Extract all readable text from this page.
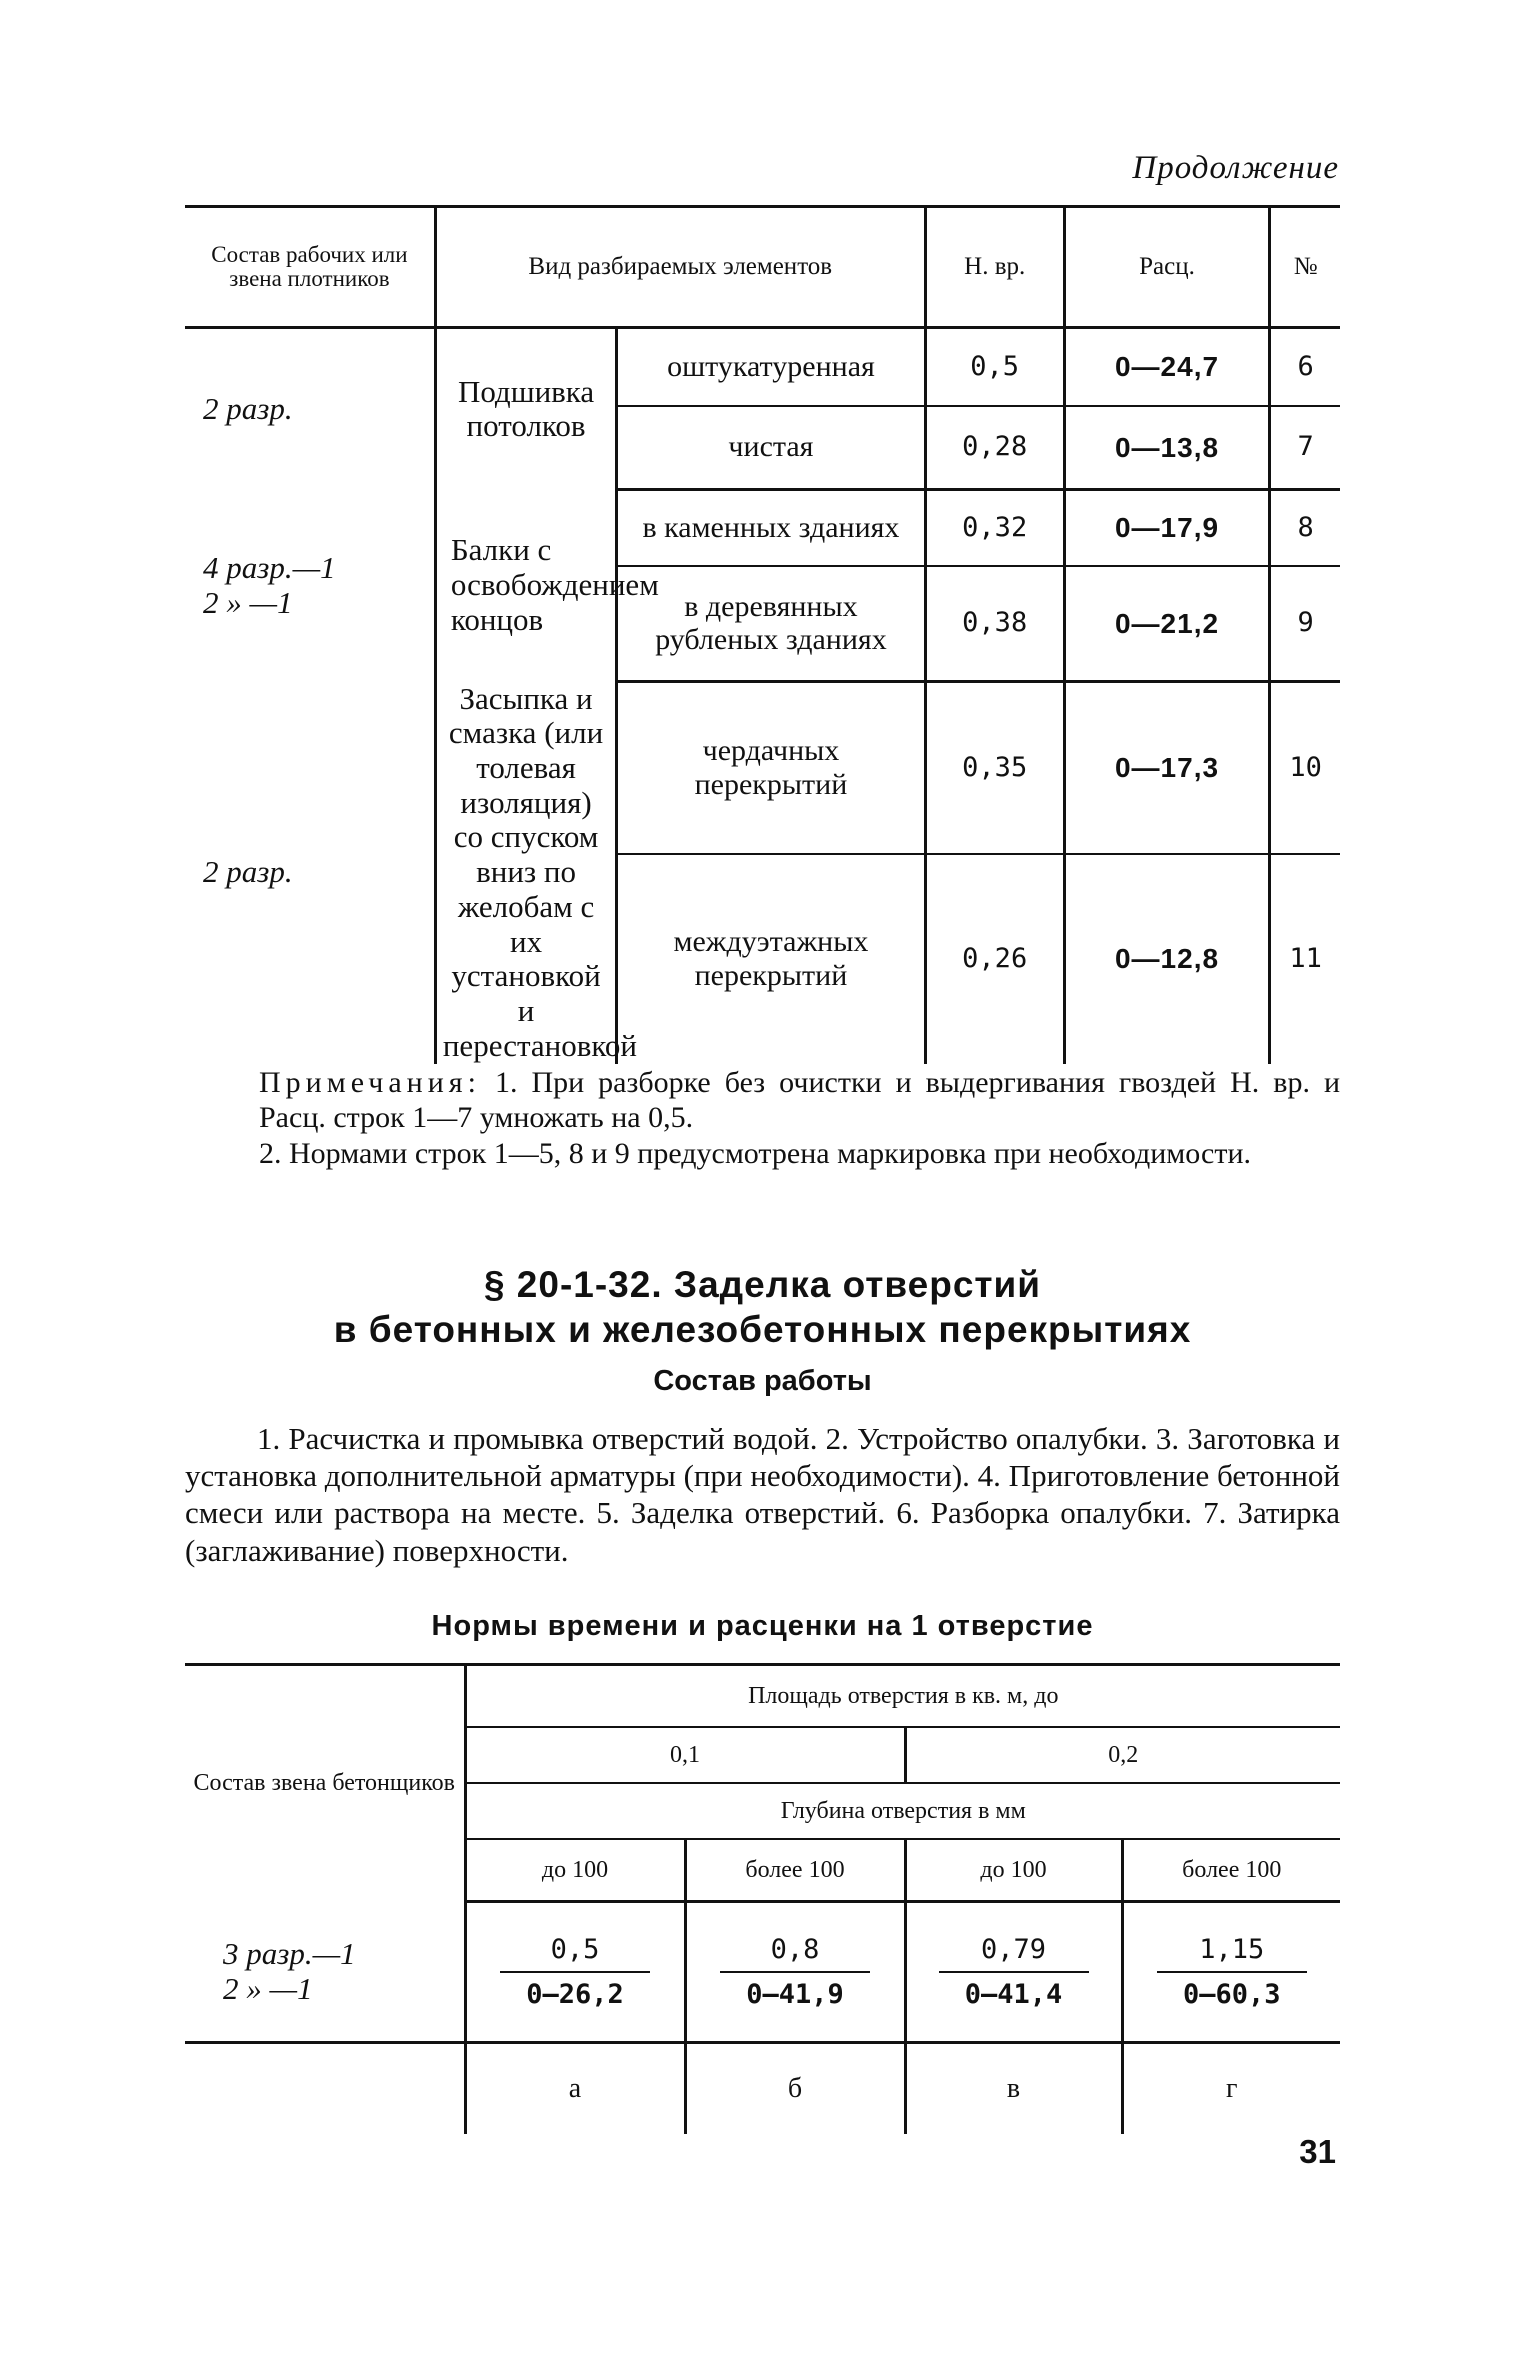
Продолжение
Состав рабочих или звена плотников	Вид разбираемых элементов		Н. вр.	Расц.	№
2 разр.	Подшивка потолков	оштукатуренная	0,5	0—24,7	6
		чистая	0,28	0—13,8	7
4 разр.—1
2 » —1	Балки с освобождением концов	в каменных зданиях	0,32	0—17,9	8
		в деревянных рубленых зданиях	0,38	0—21,2	9
2 разр.	Засыпка и смазка (или толевая изоляция) со спуском вниз по желобам с их установкой и перестановкой	чердачных перекрытий	0,35	0—17,3	10
		междуэтажных перекрытий	0,26	0—12,8	11

Примечания: 1. При разборке без очистки и выдергивания гвоздей Н. вр. и Расц. строк 1—7 умножать на 0,5.

2. Нормами строк 1—5, 8 и 9 предусмотрена маркировка при необходимости.

§ 20-1-32. Заделка отверстий
в бетонных и железобетонных перекрытиях
Состав работы

1. Расчистка и промывка отверстий водой. 2. Устройство опалубки. 3. Заготовка и установка дополнительной арматуры (при необходимости). 4. Приготовление бетонной смеси или раствора на месте. 5. Заделка отверстий. 6. Разборка опалубки. 7. Затирка (заглаживание) поверхности.

Нормы времени и расценки на 1 отверстие
Состав звена бетонщиков	Площадь отверстия в кв. м, до			
	0,1		0,2	
	Глубина отверстия в мм			
	до 100	более 100	до 100	более 100
3 разр.—1
2 » —1	$\frac{0,5}{0—26,2}$	$\frac{0,8}{0—41,9}$	$\frac{0,79}{0—41,4}$	$\frac{1,15}{0—60,3}$

	а	б	в	г
31
